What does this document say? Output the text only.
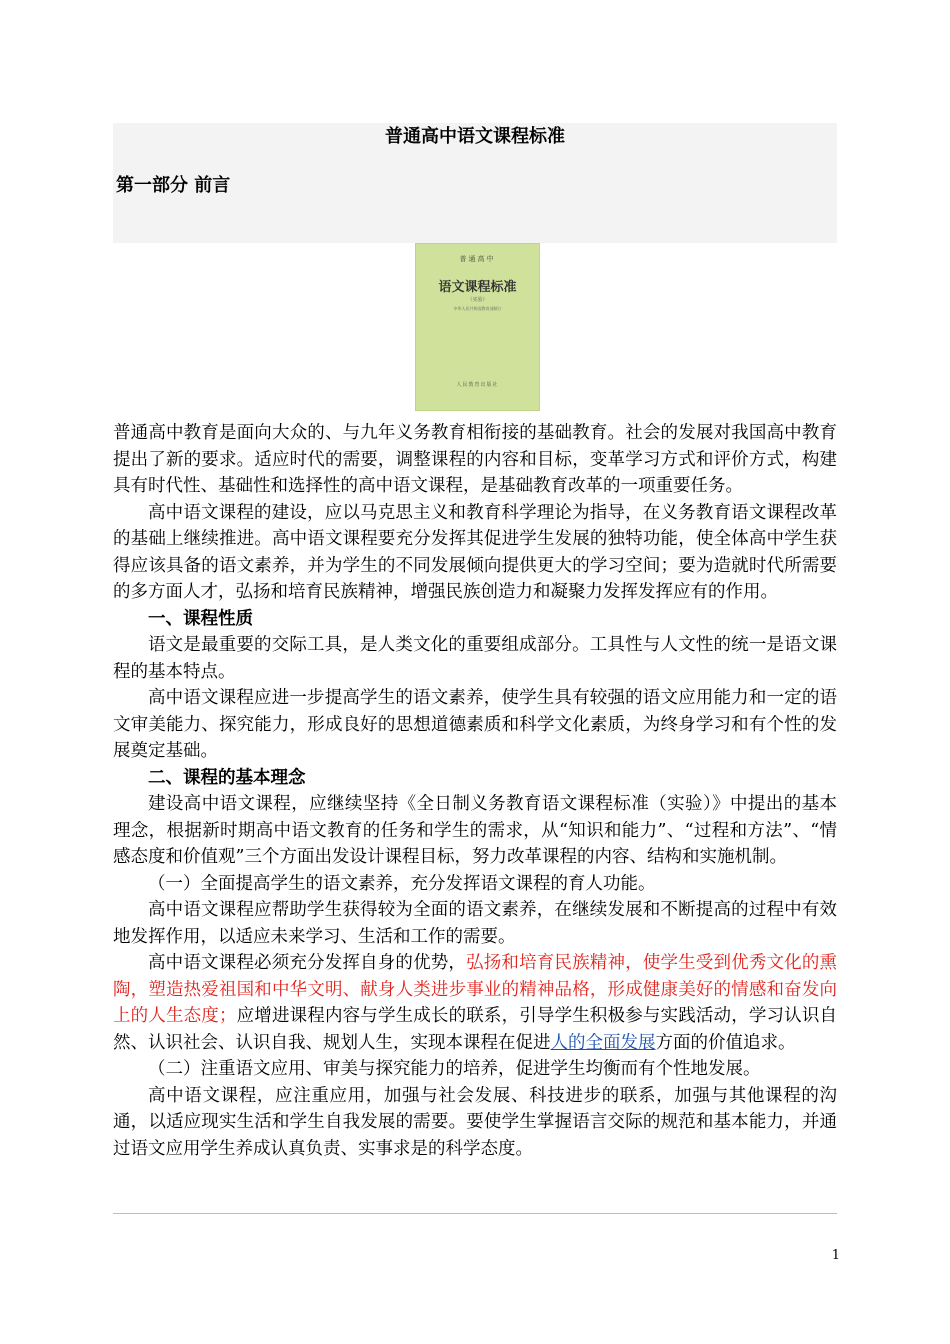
普通高中语文课程标准
第一部分 前言
普通高中
语文课程标准
（实验）
中华人民共和国教育部制订
人民教育出版社

普通高中教育是面向大众的、与九年义务教育相衔接的基础教育。社会的发展对我国高中教育提出了新的要求。适应时代的需要，调整课程的内容和目标，变革学习方式和评价方式，构建具有时代性、基础性和选择性的高中语文课程，是基础教育改革的一项重要任务。

高中语文课程的建设，应以马克思主义和教育科学理论为指导，在义务教育语文课程改革的基础上继续推进。高中语文课程要充分发挥其促进学生发展的独特功能，使全体高中学生获得应该具备的语文素养，并为学生的不同发展倾向提供更大的学习空间；要为造就时代所需要的多方面人才，弘扬和培育民族精神，增强民族创造力和凝聚力发挥发挥应有的作用。

一、课程性质

语文是最重要的交际工具，是人类文化的重要组成部分。工具性与人文性的统一是语文课程的基本特点。

高中语文课程应进一步提高学生的语文素养，使学生具有较强的语文应用能力和一定的语文审美能力、探究能力，形成良好的思想道德素质和科学文化素质，为终身学习和有个性的发展奠定基础。

二、课程的基本理念

建设高中语文课程，应继续坚持《全日制义务教育语文课程标准（实验）》中提出的基本理念，根据新时期高中语文教育的任务和学生的需求，从“知识和能力”、“过程和方法”、“情感态度和价值观”三个方面出发设计课程目标，努力改革课程的内容、结构和实施机制。

（一）全面提高学生的语文素养，充分发挥语文课程的育人功能。

高中语文课程应帮助学生获得较为全面的语文素养，在继续发展和不断提高的过程中有效地发挥作用，以适应未来学习、生活和工作的需要。

高中语文课程必须充分发挥自身的优势，弘扬和培育民族精神，使学生受到优秀文化的熏陶，塑造热爱祖国和中华文明、献身人类进步事业的精神品格，形成健康美好的情感和奋发向上的人生态度；应增进课程内容与学生成长的联系，引导学生积极参与实践活动，学习认识自然、认识社会、认识自我、规划人生，实现本课程在促进人的全面发展方面的价值追求。

（二）注重语文应用、审美与探究能力的培养，促进学生均衡而有个性地发展。

高中语文课程，应注重应用，加强与社会发展、科技进步的联系，加强与其他课程的沟通，以适应现实生活和学生自我发展的需要。要使学生掌握语言交际的规范和基本能力，并通过语文应用学生养成认真负责、实事求是的科学态度。

1
